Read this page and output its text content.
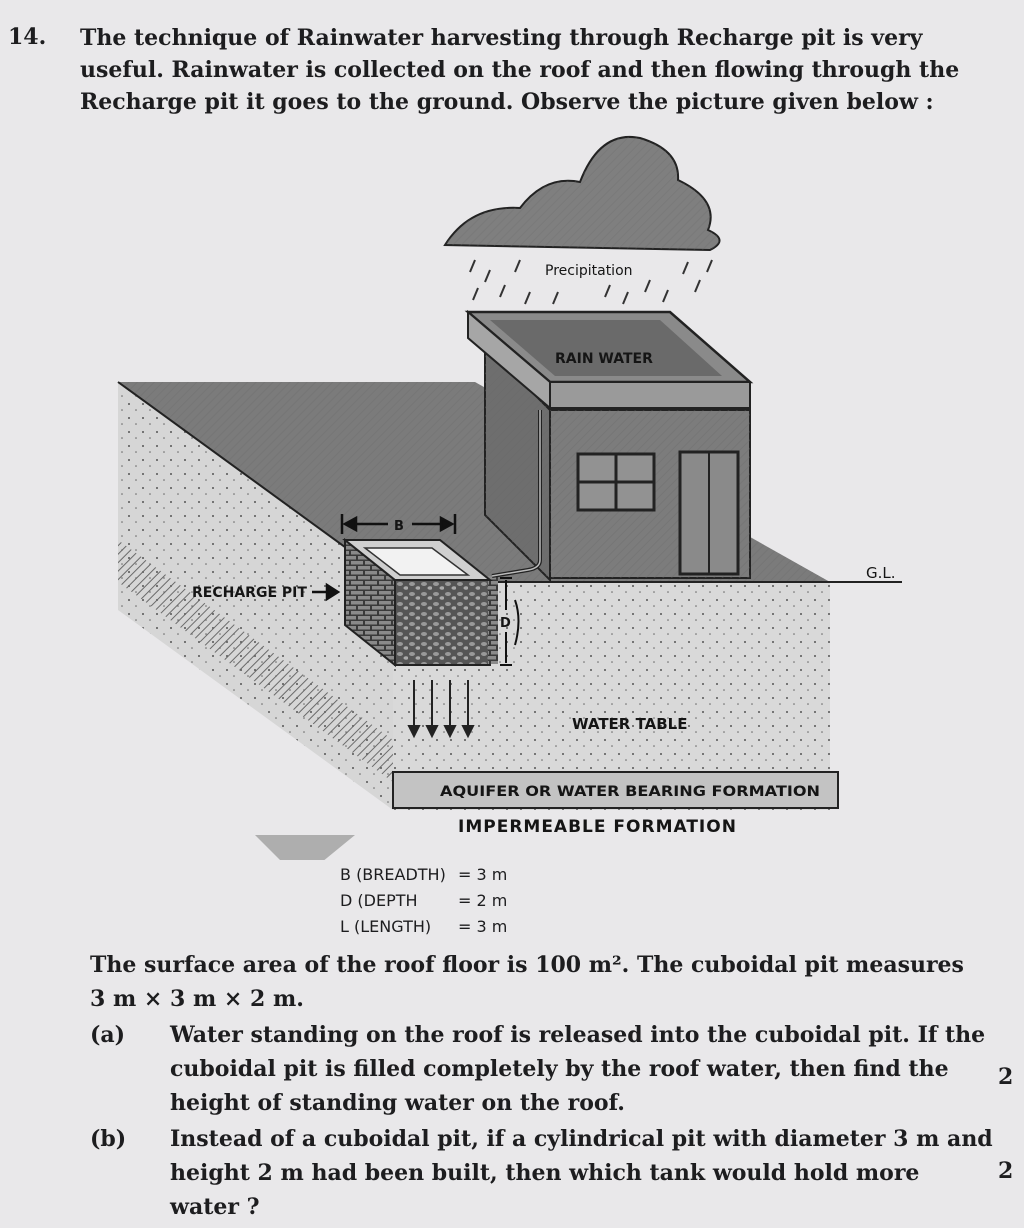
14. The technique of Rainwater harvesting through Recharge pit is very
useful. Rainwater is collected on the roof and then flowing through the
Recharge pit it goes to the ground. Observe the picture given below :
B
D
RAIN WATER
Precipitation
RECHARGE PIT
G.L.
WATER TABLE
AQUIFER OR WATER BEARING FORMATION
IMPERMEABLE FORMATION
B (BREADTH) = 3 m
D (DEPTH	= 2 m
L (LENGTH)	= 3 m
The surface area of the roof floor is 100 m². The cuboidal pit measures
3 m × 3 m × 2 m.
(a) Water standing on the roof is released into the cuboidal pit. If the
cuboidal pit is filled completely by the roof water, then find the
height of standing water on the roof.
2
(b) Instead of a cuboidal pit, if a cylindrical pit with diameter 3 m and
height 2 m had been built, then which tank would hold more
water ?
2
